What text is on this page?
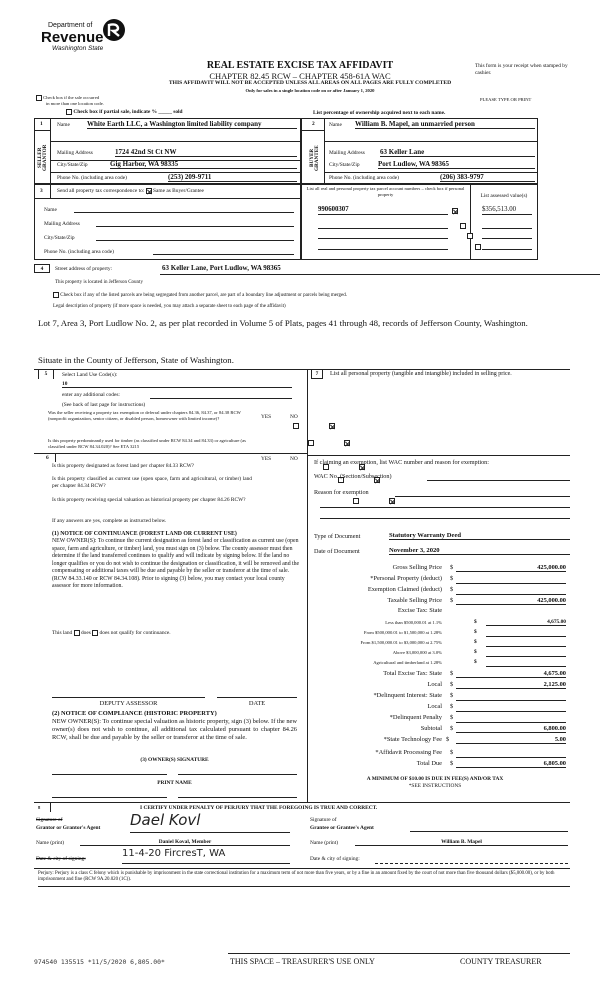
Department of
Revenue
Washington State
REAL ESTATE EXCISE TAX AFFIDAVIT
CHAPTER 82.45 RCW – CHAPTER 458-61A WAC
THIS AFFIDAVIT WILL NOT BE ACCEPTED UNLESS ALL AREAS ON ALL PAGES ARE FULLY COMPLETED
Only for sales in a single location code on or after January 1, 2020
This form is your receipt when stamped by cashier.
PLEASE TYPE OR PRINT
Check box if the sale occurred
in more than one location code.
Check box if partial sale, indicate % _____ sold	List percentage of ownership acquired next to each name.
1
SELLER GRANTOR
Name White Earth LLC, a Washington limited liability company
Mailing Address	1724 42nd St Ct NW
City/State/Zip	Gig Harbor, WA 98335
Phone No. (including area code)	(253) 209-9711
2
BUYER GRANTEE
Name William B. Mapel, an unmarried person
Mailing Address 63 Keller Lane
City/State/Zip	Port Ludlow, WA 98365
Phone No. (including area code)	(206) 383-9797
3	Send all property tax correspondence to: Same as Buyer/Grantee
Name
Mailing Address
City/State/Zip
Phone No. (including area code)
List all real and personal property tax parcel account numbers – check box if personal property	List assessed value(s)
990600307
	$356,513.00

4	Street address of property:	63 Keller Lane, Port Ludlow, WA 98365
This property is located in Jefferson County
Check box if any of the listed parcels are being segregated from another parcel, are part of a boundary line adjustment or parcels being merged.
Legal description of property (if more space is needed, you may attach a separate sheet to each page of the affidavit)
Lot 7, Area 3, Port Ludlow No. 2, as per plat recorded in Volume 5 of Plats, pages 41 through 48, records of Jefferson County, Washington.
Situate in the County of Jefferson, State of Washington.
5	Select Land Use Code(s):
10
enter any additional codes:
(See back of last page for instructions)
Was the seller receiving a property tax exemption or deferral under chapters 84.36, 84.37, or 84.38 RCW (nonprofit organization, senior citizen, or disabled person, homeowner with limited income)?	YES	NO

Is this property predominantly used for timber (as classified under RCW 84.34 and 84.33) or agriculture (as classified under RCW 84.34.020)? See ETA 3215

6	YES	NO
Is this property designated as forest land per chapter 84.33 RCW?

Is this property classified as current use (open space, farm and agricultural, or timber) land per chapter 84.34 RCW?

Is this property receiving special valuation as historical property per chapter 84.26 RCW?

If any answers are yes, complete as instructed below.
(1) NOTICE OF CONTINUANCE (FOREST LAND OR CURRENT USE)
NEW OWNER(S): To continue the current designation as forest land or classification as current use (open space, farm and agriculture, or timber) land, you must sign on (3) below. The county assessor must then determine if the land transferred continues to qualify and will indicate by signing below. If the land no longer qualifies or you do not wish to continue the designation or classification, it will be removed and the compensating or additional taxes will be due and payable by the seller or transferor at the time of sale. (RCW 84.33.140 or RCW 84.34.108). Prior to signing (3) below, you may contact your local county assessor for more information.
This land does does not qualify for continuance.
DEPUTY ASSESSOR	DATE
(2) NOTICE OF COMPLIANCE (HISTORIC PROPERTY)
NEW OWNER(S): To continue special valuation as historic property, sign (3) below. If the new owner(s) does not wish to continue, all additional tax calculated pursuant to chapter 84.26 RCW, shall be due and payable by the seller or transferor at the time of sale.
(3) OWNER(S) SIGNATURE
PRINT NAME
7	List all personal property (tangible and intangible) included in selling price.
If claiming an exemption, list WAC number and reason for exemption:
WAC No. (Section/Subsection)
Reason for exemption
Type of Document	Statutory Warranty Deed
Date of Document	November 3, 2020
Gross Selling Price $	425,000.00
*Personal Property (deduct) $
Exemption Claimed (deduct) $
Taxable Selling Price $	425,000.00
Excise Tax: State
Less than $500,000.01 at 1.1%	$	4,675.00
From $500,000.01 to $1,500,000 at 1.28%	$
From $1,500,000.01 to $3,000,000 at 2.75%	$
Above $3,000,000 at 3.0%	$
Agricultural and timberland at 1.28%	$
Total Excise Tax: State $	4,675.00
Local $	2,125.00
*Delinquent Interest: State $
Local $
*Delinquent Penalty $
Subtotal $	6,800.00
*State Technology Fee $	5.00
*Affidavit Processing Fee $
Total Due $	6,805.00
A MINIMUM OF $10.00 IS DUE IN FEE(S) AND/OR TAX
*SEE INSTRUCTIONS
8	I CERTIFY UNDER PENALTY OF PERJURY THAT THE FOREGOING IS TRUE AND CORRECT.
Signature of
Grantor or Grantor's Agent Dael Kovl	Signature of
Grantee or Grantee's Agent
Name (print)	Daniel Koval, Member	Name (print)	William B. Mapel
Date & city of signing:	11-4-20 FircresT, WA	Date & city of signing:
Perjury: Perjury is a class C felony which is punishable by imprisonment in the state correctional institution for a maximum term of not more than five years, or by a fine in an amount fixed by the court of not more than five thousand dollars ($5,000.00), or by both imprisonment and fine (RCW 9A.20.020 (1C)).
974540 135515 *11/5/2020 6,805.00*	THIS SPACE – TREASURER'S USE ONLY	COUNTY TREASURER
